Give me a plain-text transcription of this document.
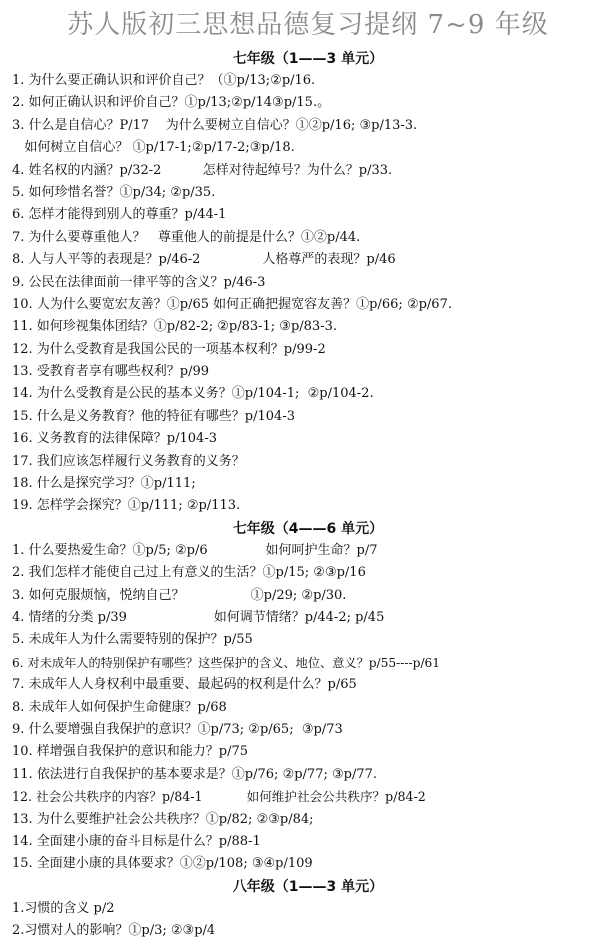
苏人版初三思想品德复习提纲 7~9 年级
七年级（1——3 单元）
1. 为什么要正确认识和评价自己？（①p/13;②p/16.
2. 如何正确认识和评价自己？①p/13;②p/14③p/15.。
3. 什么是自信心？P/17    为什么要树立自信心？①②p/16; ③p/13-3.
如何树立自信心？ ①p/17-1;②p/17-2;③p/18.
4. 姓名权的内涵？p/32-2          怎样对待起绰号？为什么？p/33.
5. 如何珍惜名誉？①p/34; ②p/35.
6. 怎样才能得到别人的尊重？p/44-1
7. 为什么要尊重他人？   尊重他人的前提是什么？①②p/44.
8. 人与人平等的表现是？p/46-2               人格尊严的表现？p/46
9. 公民在法律面前一律平等的含义？p/46-3
10. 人为什么要宽宏友善？①p/65 如何正确把握宽容友善？①p/66; ②p/67.
11. 如何珍视集体团结？①p/82-2; ②p/83-1; ③p/83-3.
12. 为什么受教育是我国公民的一项基本权利？p/99-2
13. 受教育者享有哪些权利？p/99
14. 为什么受教育是公民的基本义务？①p/104-1;  ②p/104-2.
15. 什么是义务教育？他的特征有哪些？p/104-3
16. 义务教育的法律保障？p/104-3
17. 我们应该怎样履行义务教育的义务？
18. 什么是探究学习？①p/111;
19. 怎样学会探究？①p/111; ②p/113.
七年级（4——6 单元）
1. 什么要热爱生命？①p/5; ②p/6              如何呵护生命？p/7
2. 我们怎样才能使自己过上有意义的生活？①p/15; ②③p/16
3. 如何克服烦恼，悦纳自己？                ①p/29; ②p/30.
4. 情绪的分类 p/39                     如何调节情绪？p/44-2; p/45
5. 未成年人为什么需要特别的保护？p/55
6. 对未成年人的特别保护有哪些？这些保护的含义、地位、意义？p/55----p/61
7. 未成年人人身权利中最重要、最起码的权利是什么？p/65
8. 未成年人如何保护生命健康？p/68
9. 什么要增强自我保护的意识？①p/73; ②p/65;  ③p/73
10. 样增强自我保护的意识和能力？p/75
11. 依法进行自我保护的基本要求是？①p/76; ②p/77; ③p/77.
12. 社会公共秩序的内容？p/84-1           如何维护社会公共秩序？p/84-2
13. 为什么要维护社会公共秩序？①p/82; ②③p/84;
14. 全面建小康的奋斗目标是什么？p/88-1
15. 全面建小康的具体要求？①②p/108; ③④p/109
八年级（1——3 单元）
1.习惯的含义 p/2
2.习惯对人的影响？①p/3; ②③p/4
